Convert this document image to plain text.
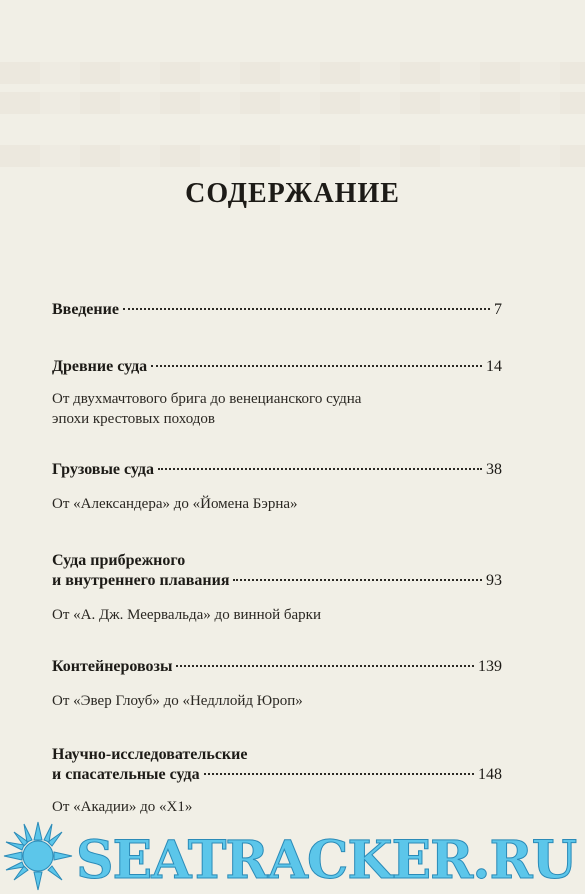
СОДЕРЖАНИЕ
Введение	7
Древние суда	14
От двухмачтового брига до венецианского судна
эпохи крестовых походов
Грузовые суда	38
От «Александера» до «Йомена Бэрна»
Суда прибрежного
и внутреннего плавания	93
От «А. Дж. Меервальда» до винной барки
Контейнеровозы	139
От «Эвер Глоуб» до «Недллойд Юроп»
Научно-исследовательские
и спасательные суда	148
От «Акадии» до «X1»
SEATRACKER.RU
